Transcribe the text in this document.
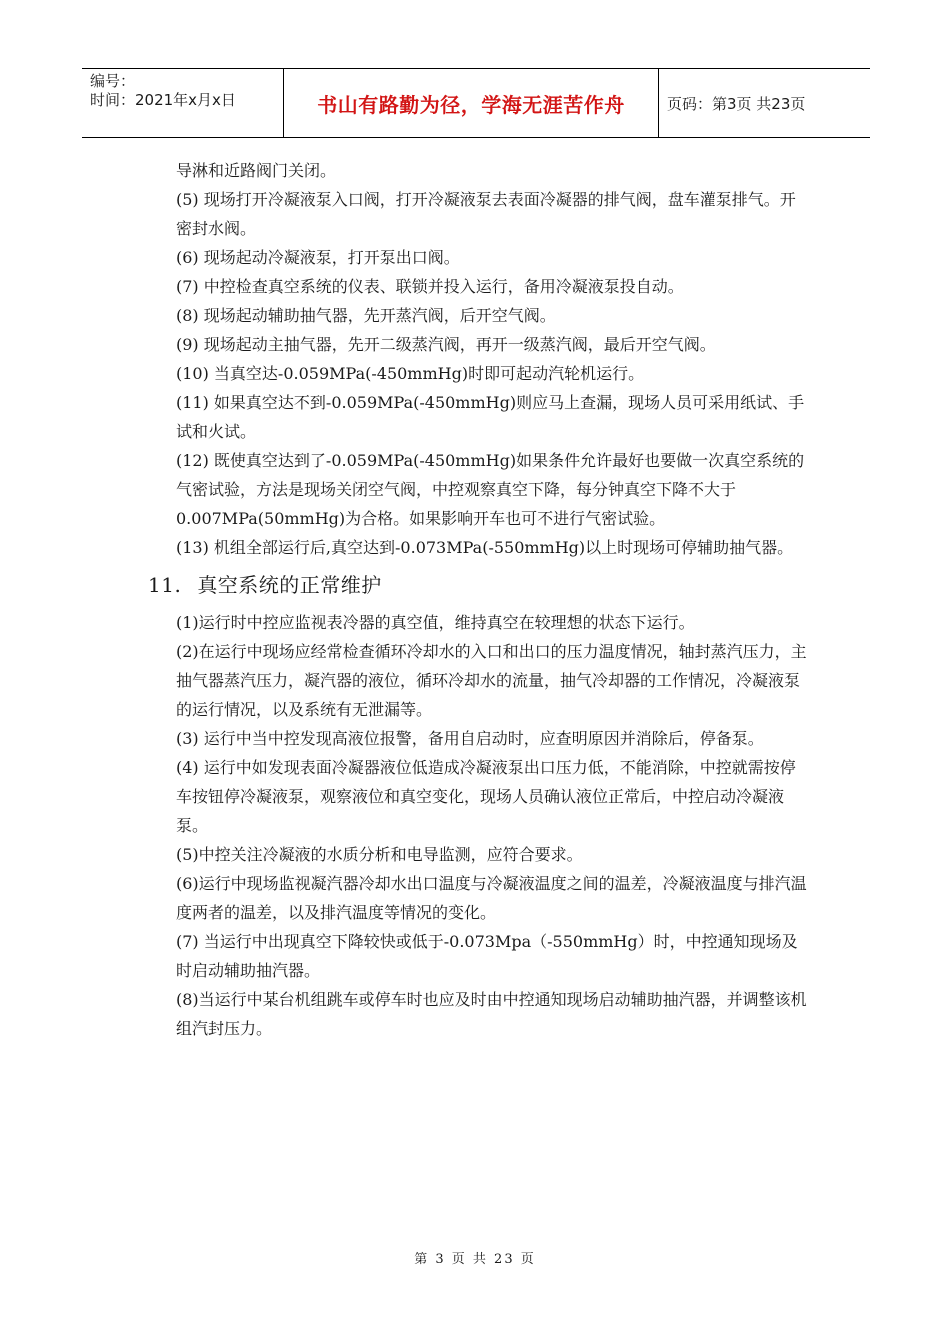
编号：
时间：2021年x月x日	书山有路勤为径，学海无涯苦作舟	页码：第3页 共23页

导淋和近路阀门关闭。

(5) 现场打开冷凝液泵入口阀，打开冷凝液泵去表面冷凝器的排气阀，盘车灌泵排气。开密封水阀。

(6) 现场起动冷凝液泵，打开泵出口阀。

(7) 中控检查真空系统的仪表、联锁并投入运行，备用冷凝液泵投自动。

(8) 现场起动辅助抽气器，先开蒸汽阀，后开空气阀。

(9) 现场起动主抽气器，先开二级蒸汽阀，再开一级蒸汽阀，最后开空气阀。

(10) 当真空达-0.059MPa(-450mmHg)时即可起动汽轮机运行。

(11) 如果真空达不到-0.059MPa(-450mmHg)则应马上查漏，现场人员可采用纸试、手试和火试。

(12) 既使真空达到了-0.059MPa(-450mmHg)如果条件允许最好也要做一次真空系统的气密试验，方法是现场关闭空气阀，中控观察真空下降，每分钟真空下降不大于0.007MPa(50mmHg)为合格。如果影响开车也可不进行气密试验。

(13) 机组全部运行后,真空达到-0.073MPa(-550mmHg)以上时现场可停辅助抽气器。

11. 真空系统的正常维护

(1)运行时中控应监视表冷器的真空值，维持真空在较理想的状态下运行。

(2)在运行中现场应经常检查循环冷却水的入口和出口的压力温度情况，轴封蒸汽压力，主抽气器蒸汽压力，凝汽器的液位，循环冷却水的流量，抽气冷却器的工作情况，冷凝液泵的运行情况，以及系统有无泄漏等。

(3) 运行中当中控发现高液位报警，备用自启动时，应查明原因并消除后，停备泵。

(4) 运行中如发现表面冷凝器液位低造成冷凝液泵出口压力低，不能消除，中控就需按停车按钮停冷凝液泵，观察液位和真空变化，现场人员确认液位正常后，中控启动冷凝液泵。

(5)中控关注冷凝液的水质分析和电导监测，应符合要求。

(6)运行中现场监视凝汽器冷却水出口温度与冷凝液温度之间的温差，冷凝液温度与排汽温度两者的温差，以及排汽温度等情况的变化。

(7) 当运行中出现真空下降较快或低于-0.073Mpa（-550mmHg）时，中控通知现场及时启动辅助抽汽器。

(8)当运行中某台机组跳车或停车时也应及时由中控通知现场启动辅助抽汽器，并调整该机组汽封压力。

第 3 页 共 23 页
